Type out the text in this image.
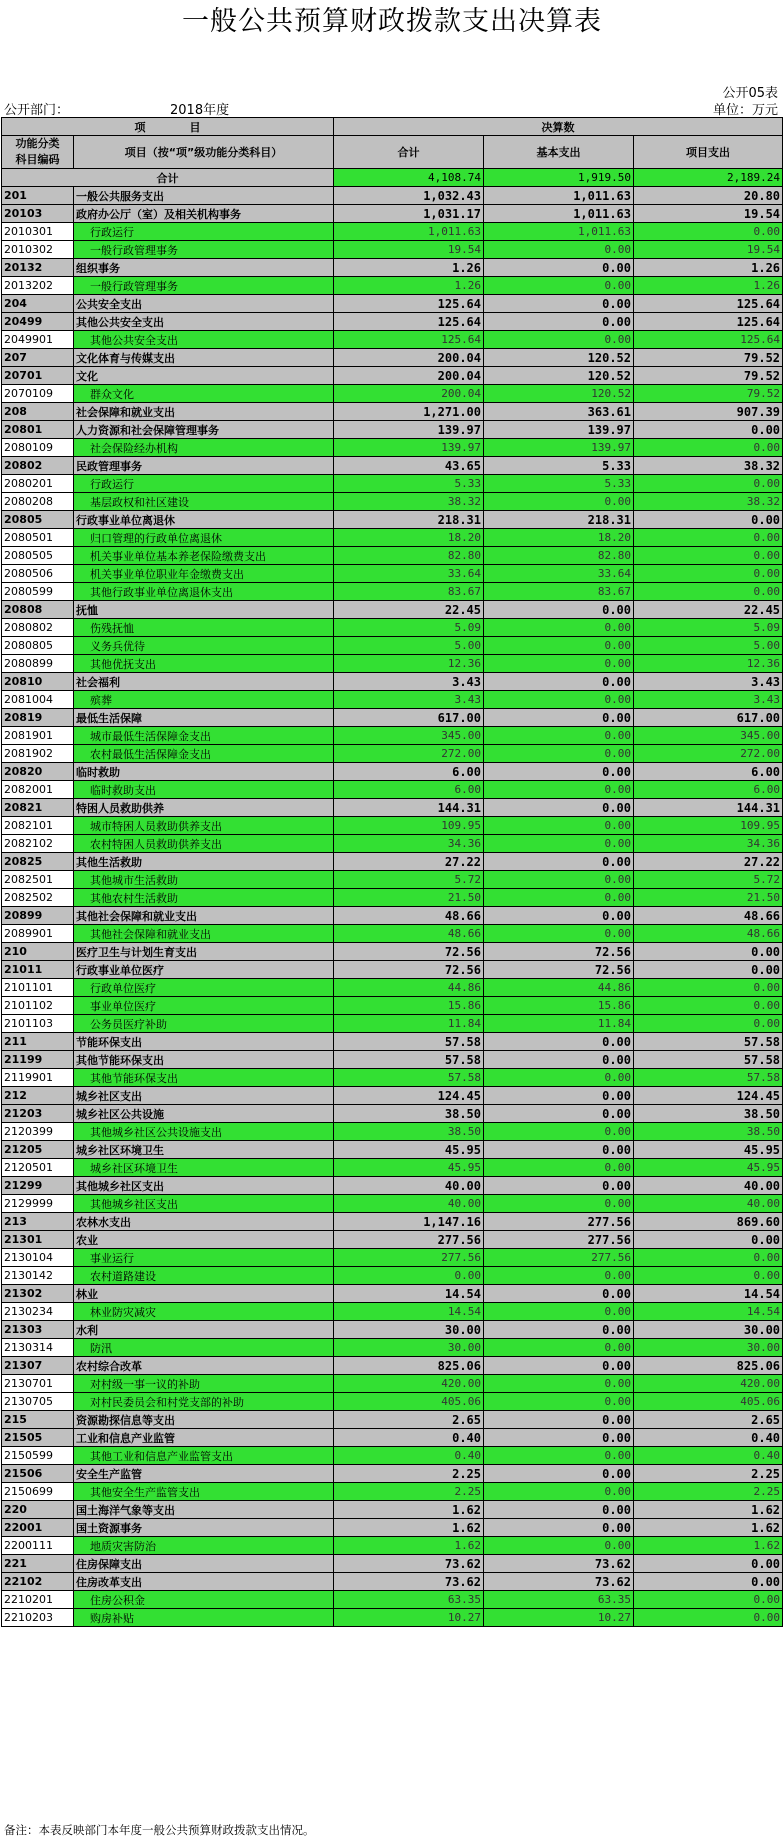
一般公共预算财政拨款支出决算表
公开05表
公开部门：	2018年度	单位：万元
项　　　　目		决算数		
功能分类
科目编码	项目（按“项”级功能分类科目）	合计	基本支出	项目支出
合计		4,108.74	1,919.50	2,189.24
201	一般公共服务支出	1,032.43	1,011.63	20.80
20103	政府办公厅（室）及相关机构事务	1,031.17	1,011.63	19.54
2010301	行政运行	1,011.63	1,011.63	0.00
2010302	一般行政管理事务	19.54	0.00	19.54
20132	组织事务	1.26	0.00	1.26
2013202	一般行政管理事务	1.26	0.00	1.26
204	公共安全支出	125.64	0.00	125.64
20499	其他公共安全支出	125.64	0.00	125.64
2049901	其他公共安全支出	125.64	0.00	125.64
207	文化体育与传媒支出	200.04	120.52	79.52
20701	文化	200.04	120.52	79.52
2070109	群众文化	200.04	120.52	79.52
208	社会保障和就业支出	1,271.00	363.61	907.39
20801	人力资源和社会保障管理事务	139.97	139.97	0.00
2080109	社会保险经办机构	139.97	139.97	0.00
20802	民政管理事务	43.65	5.33	38.32
2080201	行政运行	5.33	5.33	0.00
2080208	基层政权和社区建设	38.32	0.00	38.32
20805	行政事业单位离退休	218.31	218.31	0.00
2080501	归口管理的行政单位离退休	18.20	18.20	0.00
2080505	机关事业单位基本养老保险缴费支出	82.80	82.80	0.00
2080506	机关事业单位职业年金缴费支出	33.64	33.64	0.00
2080599	其他行政事业单位离退休支出	83.67	83.67	0.00
20808	抚恤	22.45	0.00	22.45
2080802	伤残抚恤	5.09	0.00	5.09
2080805	义务兵优待	5.00	0.00	5.00
2080899	其他优抚支出	12.36	0.00	12.36
20810	社会福利	3.43	0.00	3.43
2081004	殡葬	3.43	0.00	3.43
20819	最低生活保障	617.00	0.00	617.00
2081901	城市最低生活保障金支出	345.00	0.00	345.00
2081902	农村最低生活保障金支出	272.00	0.00	272.00
20820	临时救助	6.00	0.00	6.00
2082001	临时救助支出	6.00	0.00	6.00
20821	特困人员救助供养	144.31	0.00	144.31
2082101	城市特困人员救助供养支出	109.95	0.00	109.95
2082102	农村特困人员救助供养支出	34.36	0.00	34.36
20825	其他生活救助	27.22	0.00	27.22
2082501	其他城市生活救助	5.72	0.00	5.72
2082502	其他农村生活救助	21.50	0.00	21.50
20899	其他社会保障和就业支出	48.66	0.00	48.66
2089901	其他社会保障和就业支出	48.66	0.00	48.66
210	医疗卫生与计划生育支出	72.56	72.56	0.00
21011	行政事业单位医疗	72.56	72.56	0.00
2101101	行政单位医疗	44.86	44.86	0.00
2101102	事业单位医疗	15.86	15.86	0.00
2101103	公务员医疗补助	11.84	11.84	0.00
211	节能环保支出	57.58	0.00	57.58
21199	其他节能环保支出	57.58	0.00	57.58
2119901	其他节能环保支出	57.58	0.00	57.58
212	城乡社区支出	124.45	0.00	124.45
21203	城乡社区公共设施	38.50	0.00	38.50
2120399	其他城乡社区公共设施支出	38.50	0.00	38.50
21205	城乡社区环境卫生	45.95	0.00	45.95
2120501	城乡社区环境卫生	45.95	0.00	45.95
21299	其他城乡社区支出	40.00	0.00	40.00
2129999	其他城乡社区支出	40.00	0.00	40.00
213	农林水支出	1,147.16	277.56	869.60
21301	农业	277.56	277.56	0.00
2130104	事业运行	277.56	277.56	0.00
2130142	农村道路建设	0.00	0.00	0.00
21302	林业	14.54	0.00	14.54
2130234	林业防灾减灾	14.54	0.00	14.54
21303	水利	30.00	0.00	30.00
2130314	防汛	30.00	0.00	30.00
21307	农村综合改革	825.06	0.00	825.06
2130701	对村级一事一议的补助	420.00	0.00	420.00
2130705	对村民委员会和村党支部的补助	405.06	0.00	405.06
215	资源勘探信息等支出	2.65	0.00	2.65
21505	工业和信息产业监管	0.40	0.00	0.40
2150599	其他工业和信息产业监管支出	0.40	0.00	0.40
21506	安全生产监管	2.25	0.00	2.25
2150699	其他安全生产监管支出	2.25	0.00	2.25
220	国土海洋气象等支出	1.62	0.00	1.62
22001	国土资源事务	1.62	0.00	1.62
2200111	地质灾害防治	1.62	0.00	1.62
221	住房保障支出	73.62	73.62	0.00
22102	住房改革支出	73.62	73.62	0.00
2210201	住房公积金	63.35	63.35	0.00
2210203	购房补贴	10.27	10.27	0.00
备注：本表反映部门本年度一般公共预算财政拨款支出情况。
